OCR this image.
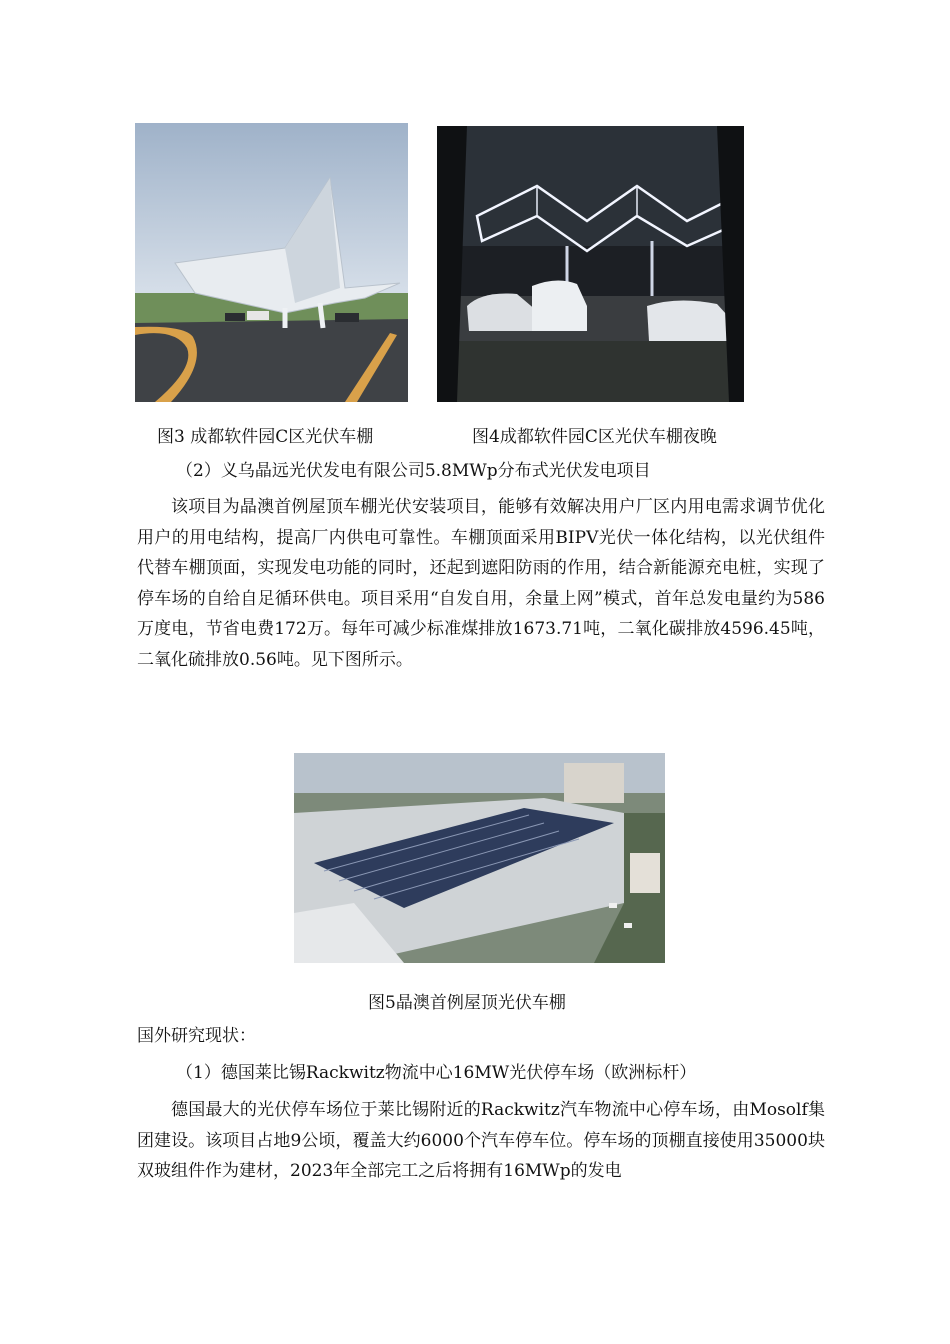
图3 成都软件园C区光伏车棚	图4成都软件园C区光伏车棚夜晚
（2）义乌晶远光伏发电有限公司5.8MWp分布式光伏发电项目
该项目为晶澳首例屋顶车棚光伏安装项目，能够有效解决用户厂区内用电需求调节优化用户的用电结构，提高厂内供电可靠性。车棚顶面采用BIPV光伏一体化结构，以光伏组件代替车棚顶面，实现发电功能的同时，还起到遮阳防雨的作用，结合新能源充电桩，实现了停车场的自给自足循环供电。项目采用“自发自用，余量上网”模式，首年总发电量约为586万度电，节省电费172万。每年可减少标准煤排放1673.71吨，二氧化碳排放4596.45吨，二氧化硫排放0.56吨。见下图所示。
图5晶澳首例屋顶光伏车棚
国外研究现状：
（1）德国莱比锡Rackwitz物流中心16MW光伏停车场（欧洲标杆）
德国最大的光伏停车场位于莱比锡附近的Rackwitz汽车物流中心停车场，由Mosolf集团建设。该项目占地9公顷，覆盖大约6000个汽车停车位。停车场的顶棚直接使用35000块双玻组件作为建材，2023年全部完工之后将拥有16MWp的发电
